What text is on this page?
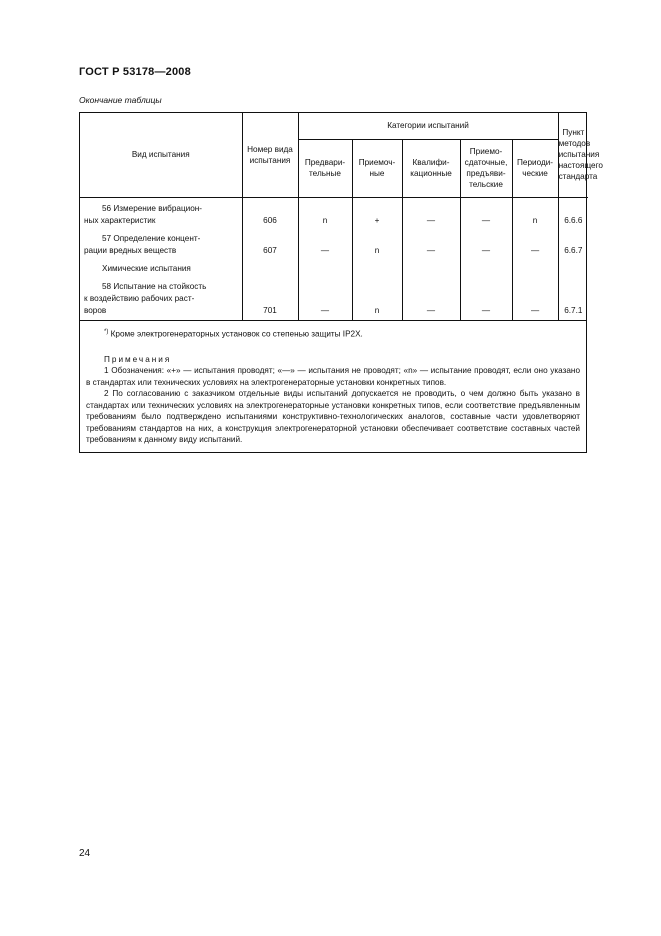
ГОСТ Р 53178—2008
Окончание таблицы
Вид испытания	Номер вида испытания	Категории испытаний					Пункт методов испытания настоящего стандарта
		Предвари-тельные	Приемоч-ные	Квалифи-кационные	Приемо-сдаточные, предъяви-тельские	Периоди-ческие	

56 Измерение вибрацион-
ных характеристик	606	n	+	—	—	n	6.6.6

57 Определение концент-
рации вредных веществ	607	—	n	—	—	—	6.6.7

Химические испытания							

58 Испытание на стойкость
к воздействию рабочих раст-
воров	701	—	n	—	—	—	6.7.1
*) Кроме электрогенераторных установок со степенью защиты IP2X.
Примечания
1 Обозначения: «+» — испытания проводят; «—» — испытания не проводят; «n» — испытание проводят, если оно указано в стандартах или технических условиях на электрогенераторные установки конкретных типов.
2 По согласованию с заказчиком отдельные виды испытаний допускается не проводить, о чем должно быть указано в стандартах или технических условиях на электрогенераторные установки конкретных типов, если соответствие предъявленным требованиям было подтверждено испытаниями конструктивно-технологических аналогов, составные части удовлетворяют требованиям стандартов на них, а конструкция электрогенераторной установки обеспечивает соответствие составных частей требованиям к данному виду испытаний.
24
